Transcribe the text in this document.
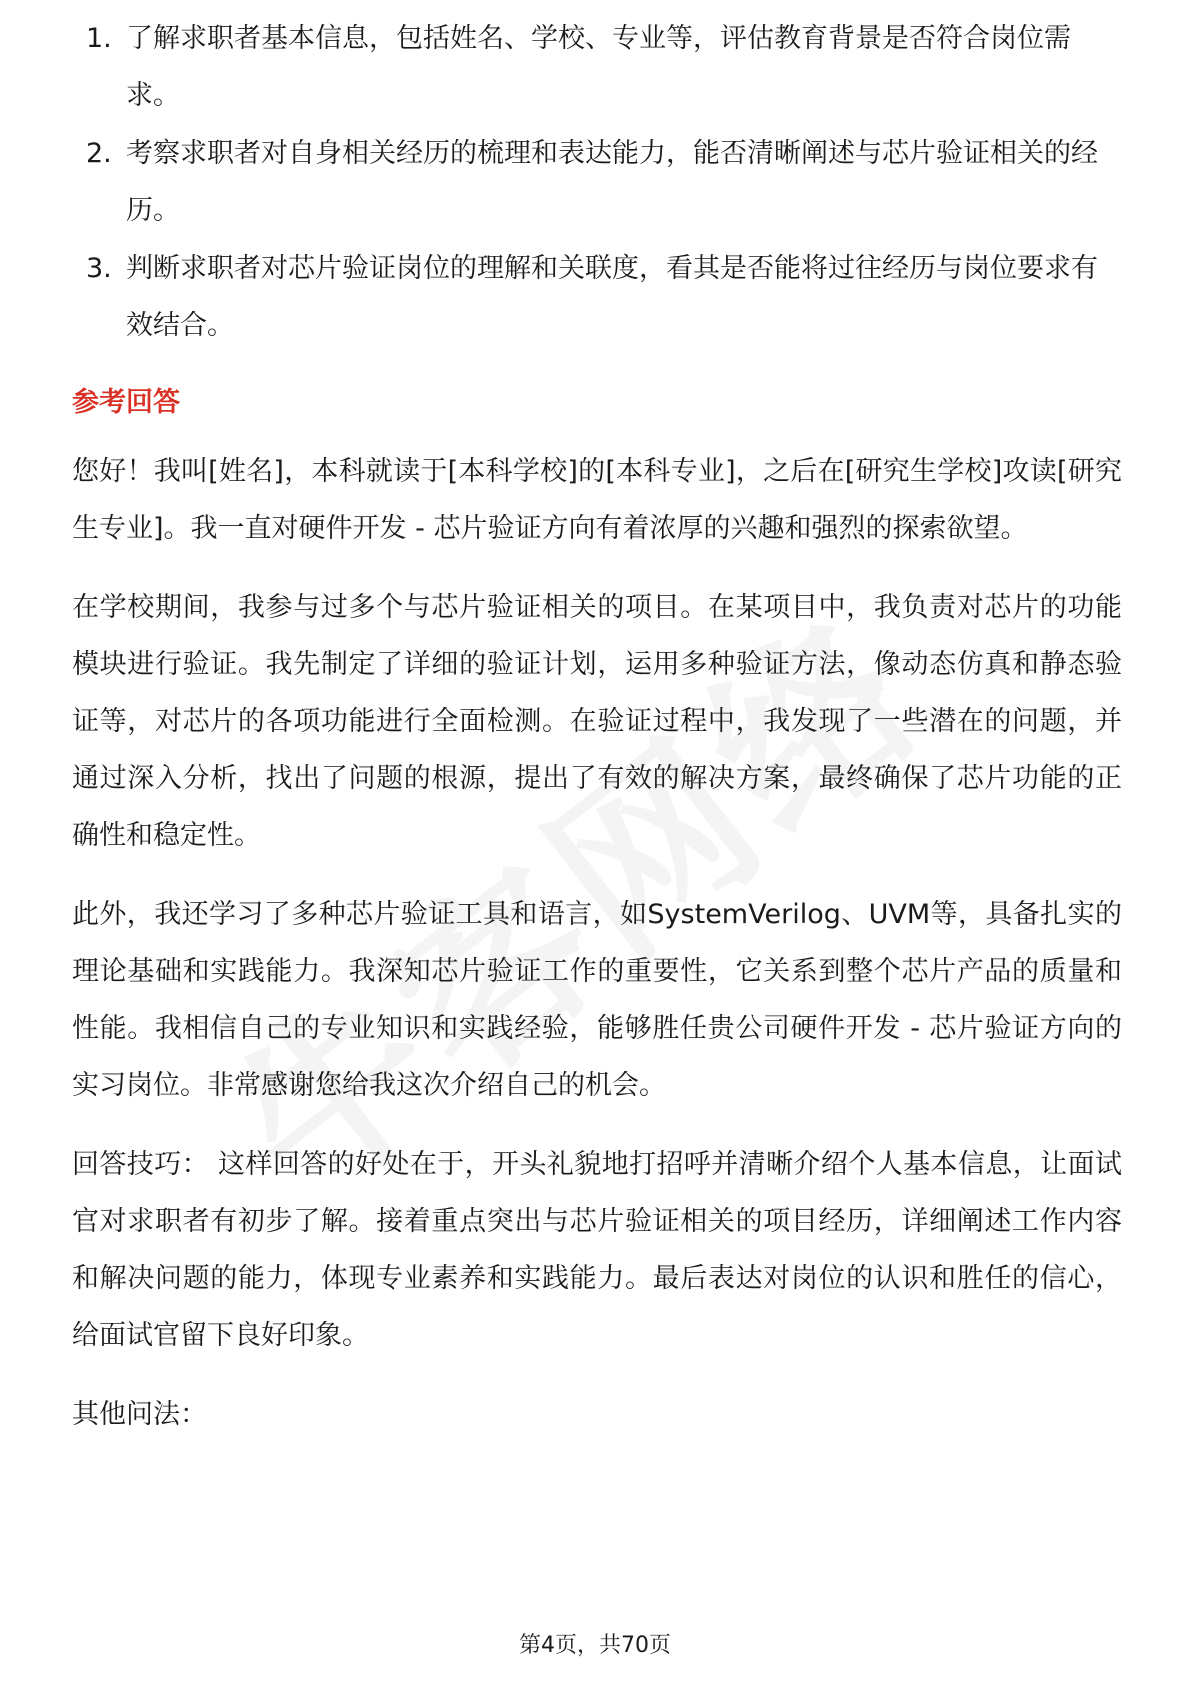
1. 了解求职者基本信息，包括姓名、学校、专业等，评估教育背景是否符合岗位需求。
2. 考察求职者对自身相关经历的梳理和表达能力，能否清晰阐述与芯片验证相关的经历。
3. 判断求职者对芯片验证岗位的理解和关联度，看其是否能将过往经历与岗位要求有效结合。
参考回答

您好！我叫[姓名]，本科就读于[本科学校]的[本科专业]，之后在[研究生学校]攻读[研究生专业]。我一直对硬件开发 - 芯片验证方向有着浓厚的兴趣和强烈的探索欲望。

在学校期间，我参与过多个与芯片验证相关的项目。在某项目中，我负责对芯片的功能模块进行验证。我先制定了详细的验证计划，运用多种验证方法，像动态仿真和静态验证等，对芯片的各项功能进行全面检测。在验证过程中，我发现了一些潜在的问题，并通过深入分析，找出了问题的根源，提出了有效的解决方案，最终确保了芯片功能的正确性和稳定性。

此外，我还学习了多种芯片验证工具和语言，如SystemVerilog、UVM等，具备扎实的理论基础和实践能力。我深知芯片验证工作的重要性，它关系到整个芯片产品的质量和性能。我相信自己的专业知识和实践经验，能够胜任贵公司硬件开发 - 芯片验证方向的实习岗位。非常感谢您给我这次介绍自己的机会。

回答技巧： 这样回答的好处在于，开头礼貌地打招呼并清晰介绍个人基本信息，让面试官对求职者有初步了解。接着重点突出与芯片验证相关的项目经历，详细阐述工作内容和解决问题的能力，体现专业素养和实践能力。最后表达对岗位的认识和胜任的信心，给面试官留下良好印象。

其他问法：

第4页，共70页
